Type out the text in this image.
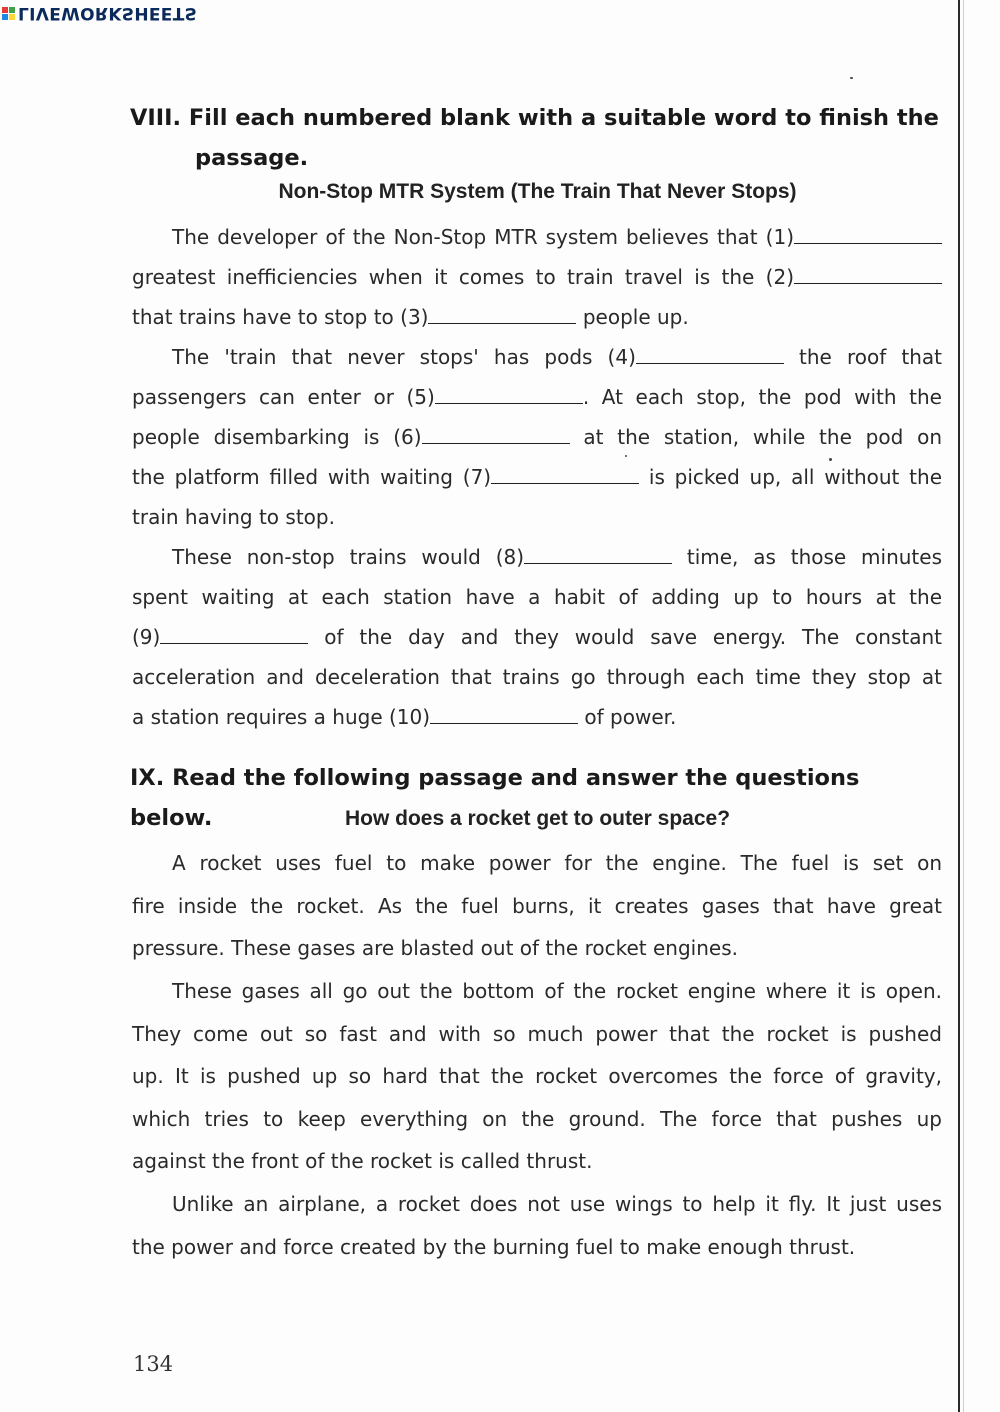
LIVEWORKSHEETS
VIII. Fill each numbered blank with a suitable word to finish the
passage.
Non-Stop MTR System (The Train That Never Stops)
The developer of the Non-Stop MTR system believes that (1)
greatest inefficiencies when it comes to train travel is the (2)
that trains have to stop to (3)	people up.
The 'train that never stops' has pods (4)	the roof that
passengers can enter or (5)	. At each stop, the pod with the
people disembarking is (6)	at the station, while the pod on
the platform filled with waiting (7)	is picked up, all without the
train having to stop.
These non-stop trains would (8)	time, as those minutes
spent waiting at each station have a habit of adding up to hours at the
(9)	of the day and they would save energy. The constant
acceleration and deceleration that trains go through each time they stop at
a station requires a huge (10)	of power.
IX. Read the following passage and answer the questions below.	How does a rocket get to outer space?
A rocket uses fuel to make power for the engine. The fuel is set on
fire inside the rocket. As the fuel burns, it creates gases that have great
pressure. These gases are blasted out of the rocket engines.
These gases all go out the bottom of the rocket engine where it is open.
They come out so fast and with so much power that the rocket is pushed
up. It is pushed up so hard that the rocket overcomes the force of gravity,
which tries to keep everything on the ground. The force that pushes up
against the front of the rocket is called thrust.
Unlike an airplane, a rocket does not use wings to help it fly. It just uses
the power and force created by the burning fuel to make enough thrust.
134
